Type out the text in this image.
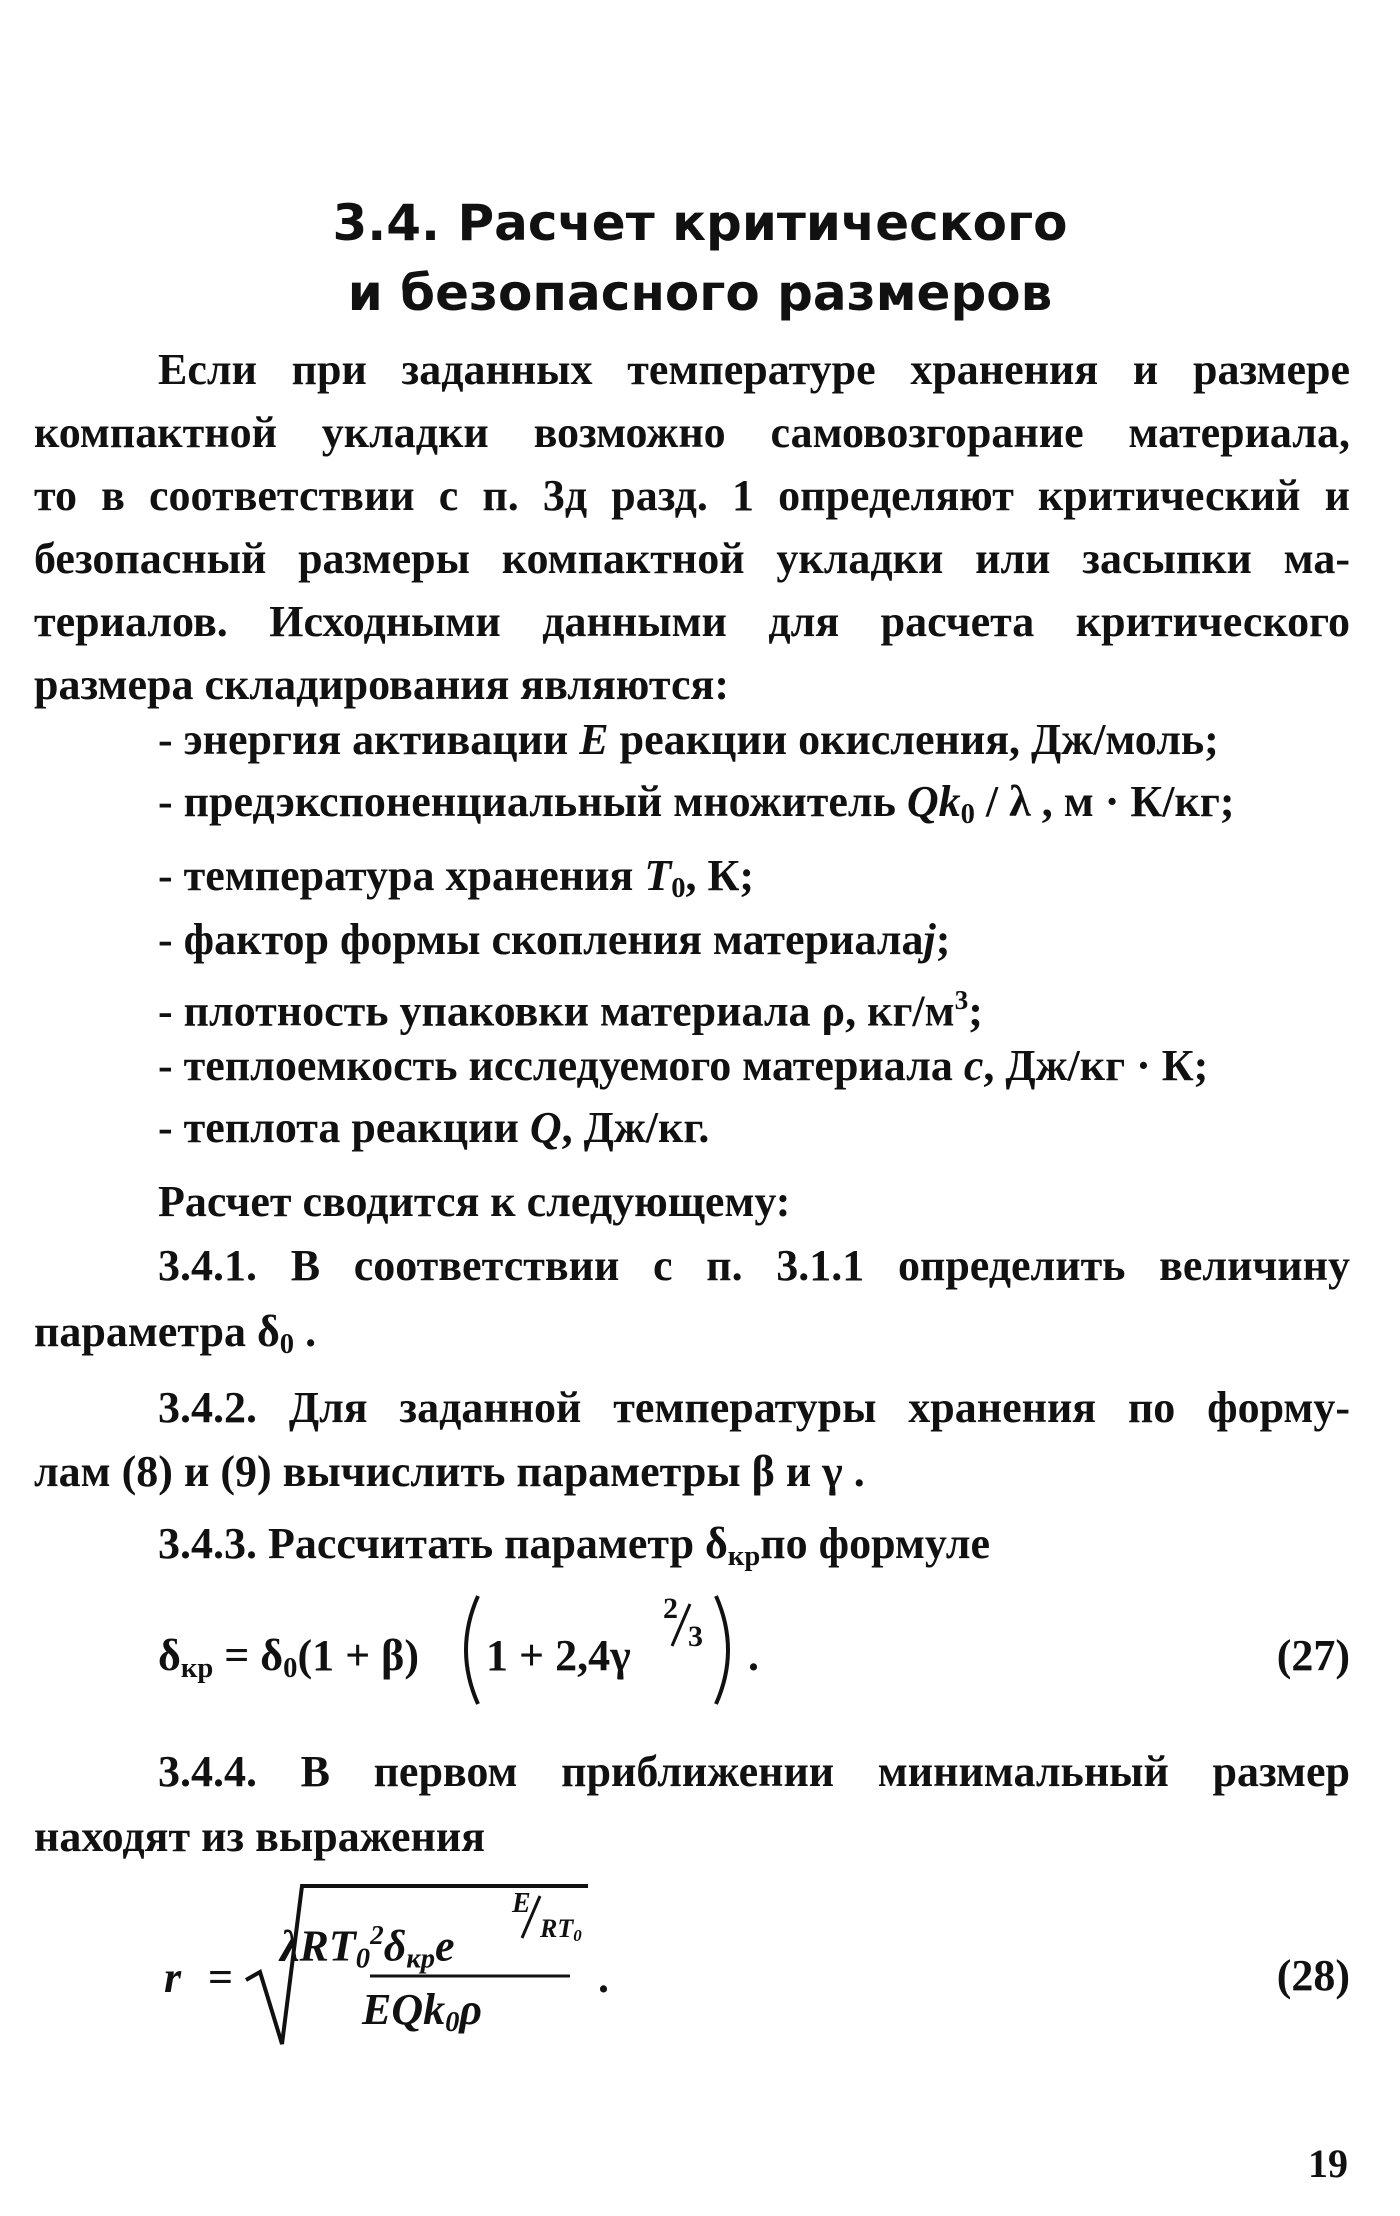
3.4. Расчет критического
и безопасного размеров
Если при заданных температуре хранения и размере
компактной укладки возможно самовозгорание материала,
то в соответствии с п. 3д разд. 1 определяют критический и
безопасный размеры компактной укладки или засыпки ма-
териалов. Исходными данными для расчета критического
размера складирования являются:
- энергия активации E реакции окисления, Дж/моль;
- предэкспоненциальный множитель $Qk_0$ / λ , м · К/кг;
- температура хранения $T_0$, К;
- фактор формы скопления материалаj;
- плотность упаковки материала ρ, $кг/м^3$;
- теплоемкость исследуемого материала c, Дж/кг · К;
- теплота реакции Q, Дж/кг.
Расчет сводится к следующему:
3.4.1. В соответствии с п. 3.1.1 определить величину
параметра $\delta_0$ .
3.4.2. Для заданной температуры хранения по форму-
лам (8) и (9) вычислить параметры β и γ .
3.4.3. Рассчитать параметр $\delta_{кр}по$ формуле
$\delta_{кр} = \delta_0(1 + \beta) 1 + 2,4\gamma$
2
3 .	(27)
3.4.4. В первом приближении минимальный размер
находят из выражения
r =
$\lambda RT_0^2\delta_{кр}e$
E
$RT_0$
EQk$_0$ρ
.	(28)
19
